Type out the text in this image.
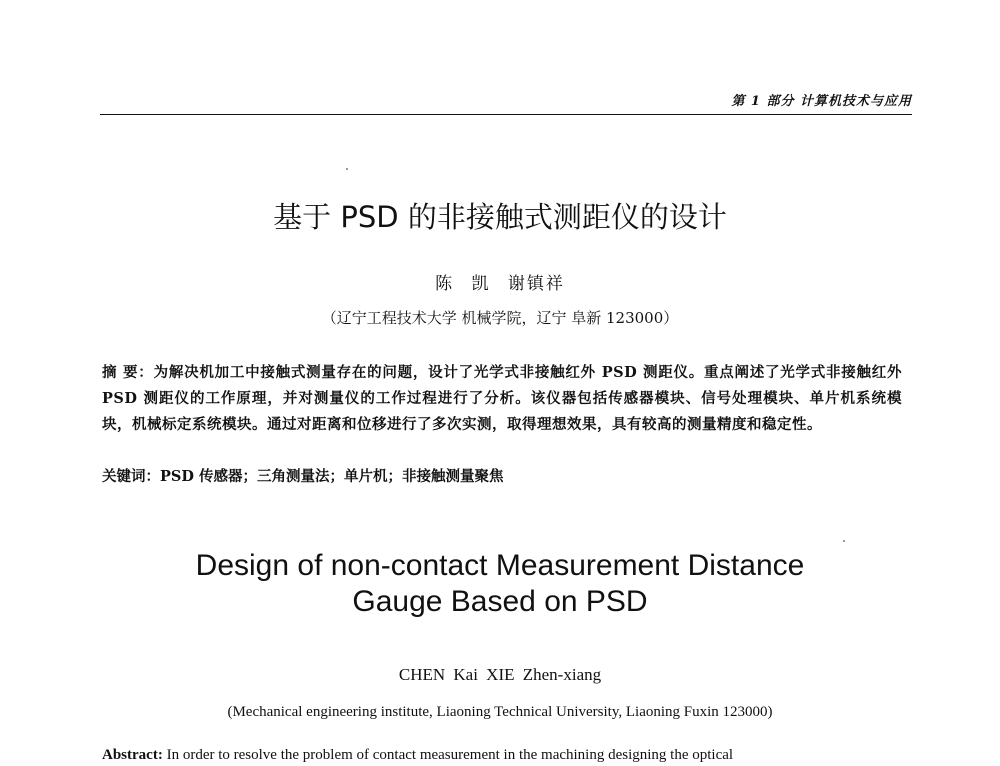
第 1 部分 计算机技术与应用
基于 PSD 的非接触式测距仪的设计
陈 凯 谢镇祥
（辽宁工程技术大学 机械学院，辽宁 阜新 123000）
摘 要：为解决机加工中接触式测量存在的问题，设计了光学式非接触红外 PSD 测距仪。重点阐述了光学式非接触红外 PSD 测距仪的工作原理，并对测量仪的工作过程进行了分析。该仪器包括传感器模块、信号处理模块、单片机系统模块，机械标定系统模块。通过对距离和位移进行了多次实测，取得理想效果，具有较高的测量精度和稳定性。
关键词：PSD 传感器；三角测量法；单片机；非接触测量聚焦
Design of non-contact Measurement Distance
Gauge Based on PSD
CHEN Kai XIE Zhen-xiang
(Mechanical engineering institute, Liaoning Technical University, Liaoning Fuxin 123000)
Abstract: In order to resolve the problem of contact measurement in the machining designing the optical
